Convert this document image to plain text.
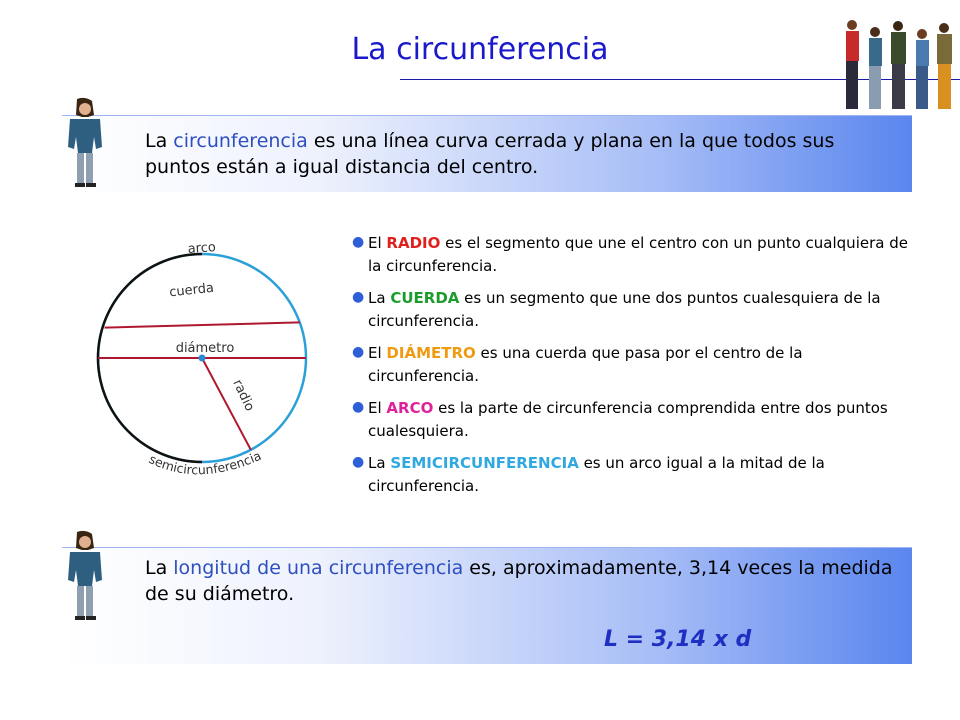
La circunferencia
La circunferencia es una línea curva cerrada y plana en la que todos sus puntos están a igual distancia del centro.
arco
cuerda
diámetro
radio
semicircunferencia
● El RADIO es el segmento que une el centro con un punto cualquiera de la circunferencia.
● La CUERDA es un segmento que une dos puntos cualesquiera de la circunferencia.
● El DIÁMETRO es una cuerda que pasa por el centro de la circunferencia.
● El ARCO es la parte de circunferencia comprendida entre dos puntos cualesquiera.
● La SEMICIRCUNFERENCIA es un arco igual a la mitad de la circunferencia.
La longitud de una circunferencia es, aproximadamente, 3,14 veces la medida de su diámetro.
L = 3,14 x d
